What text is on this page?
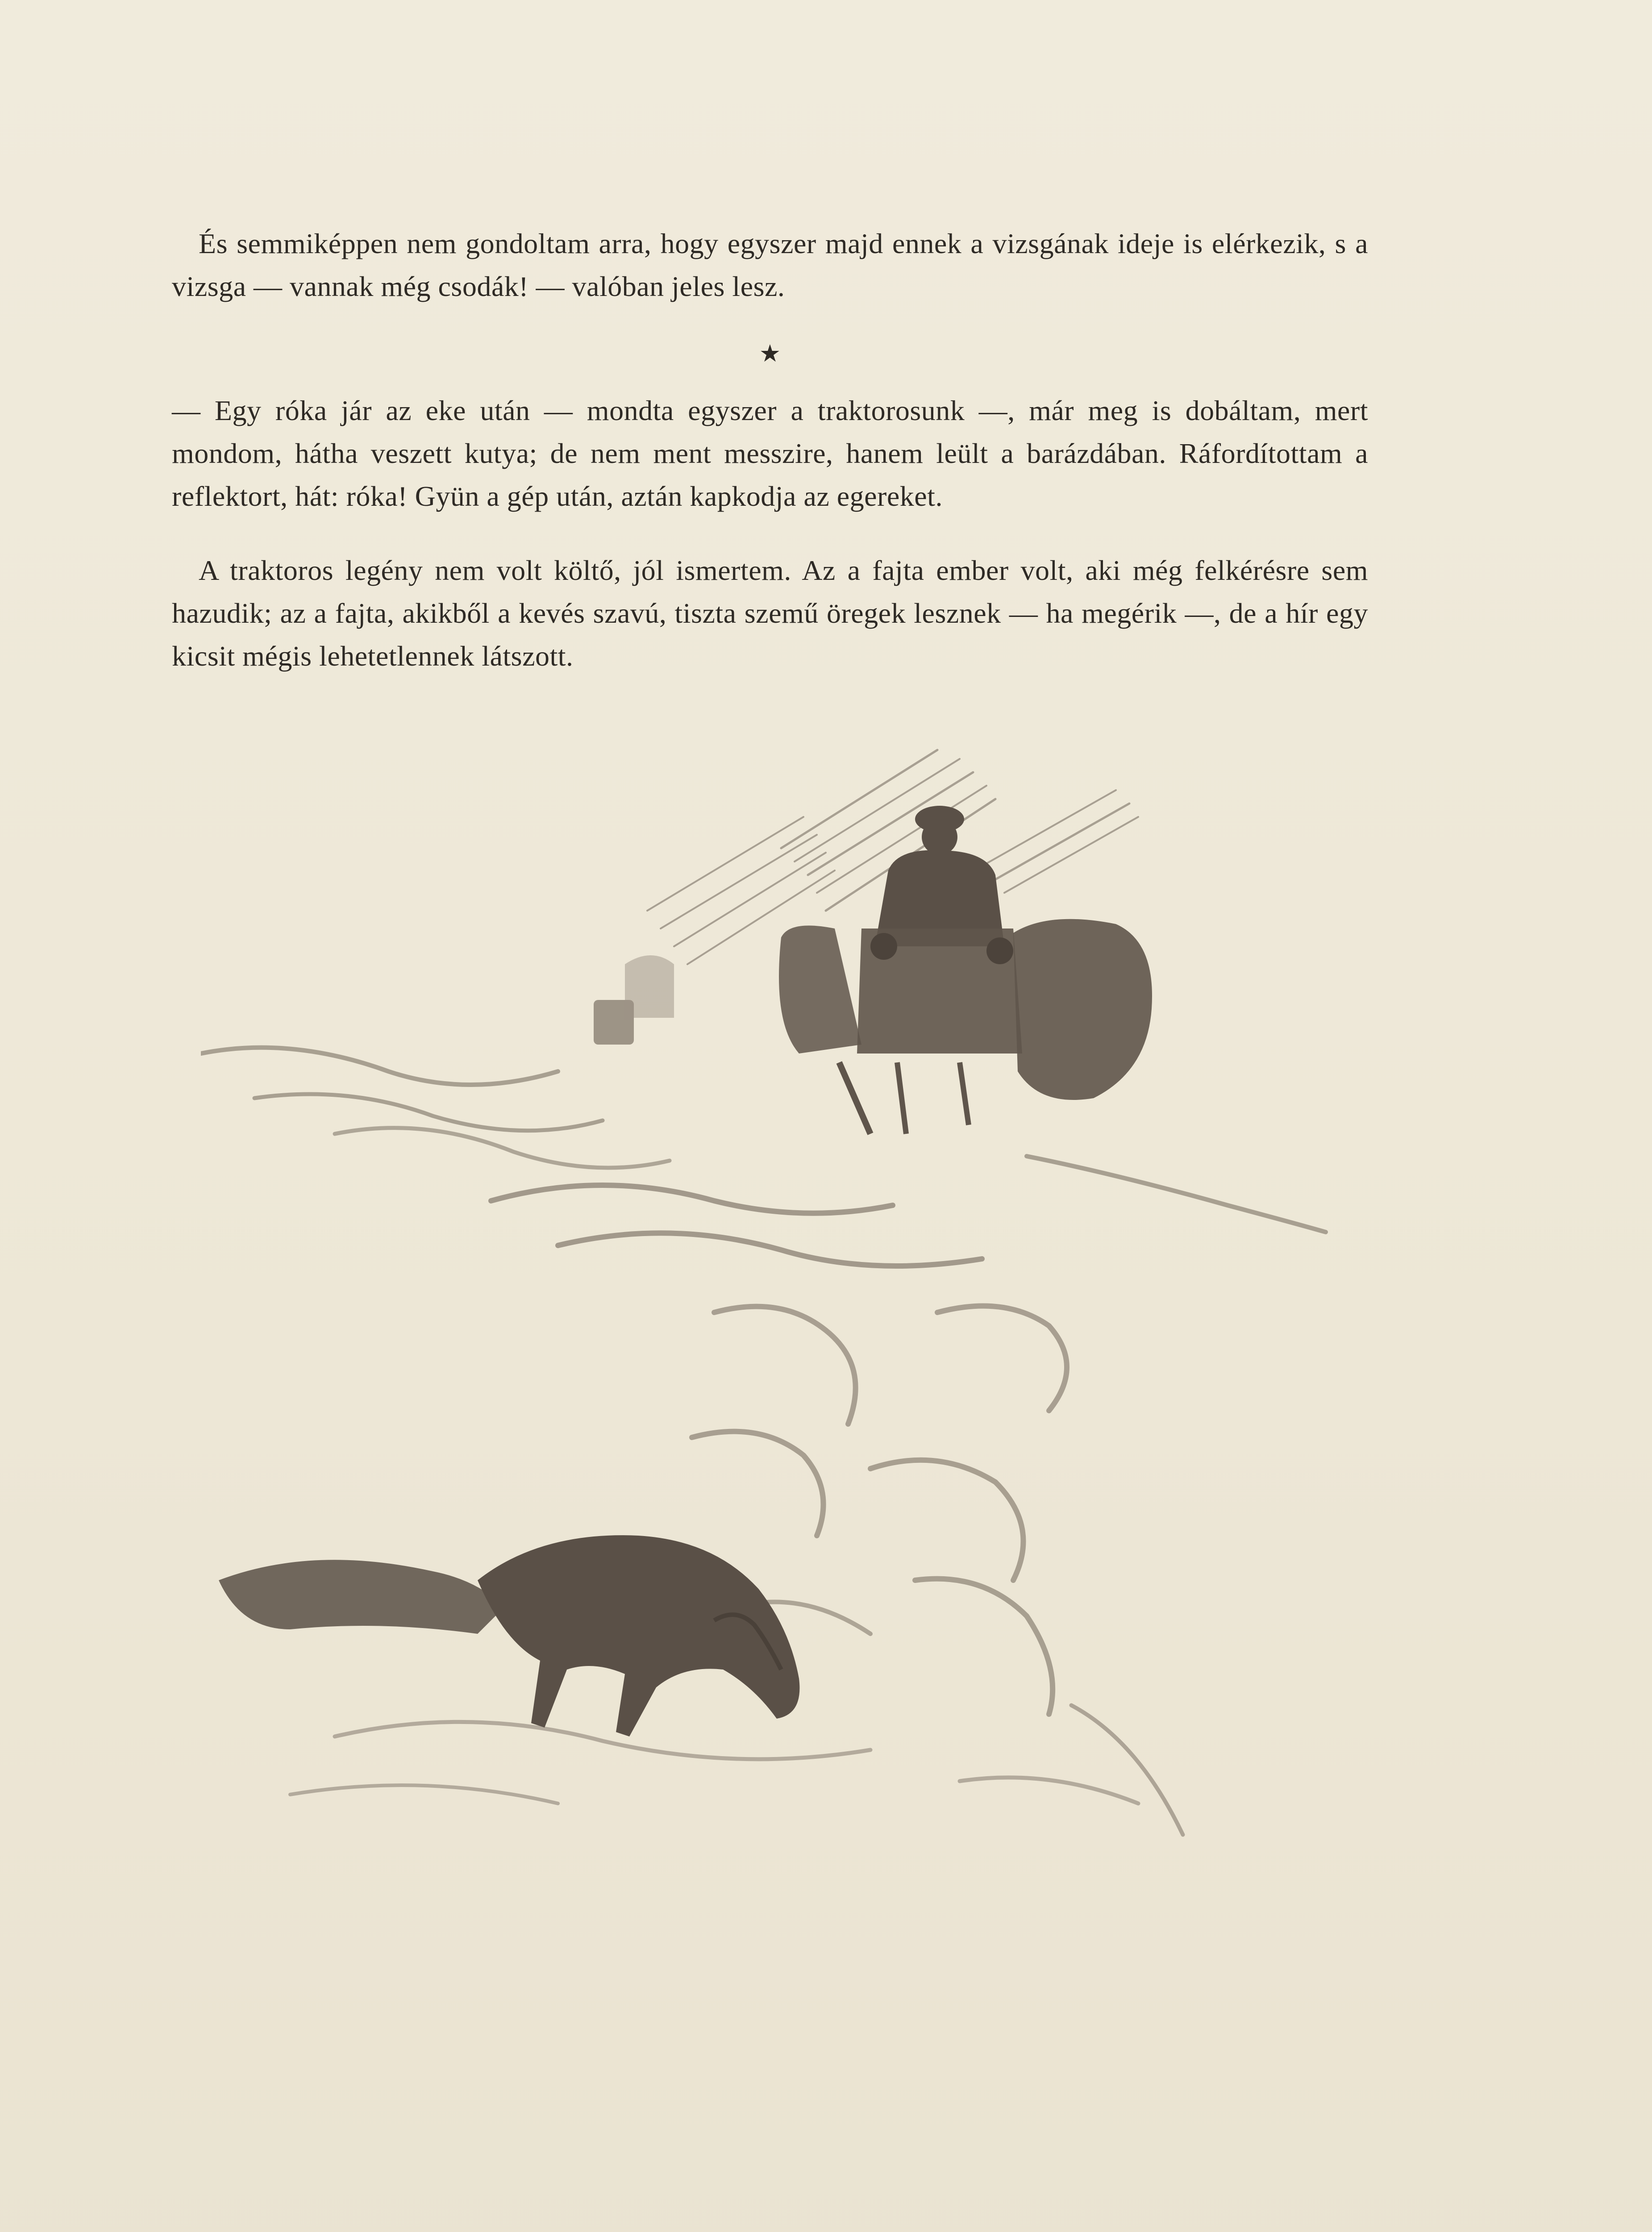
És semmiképpen nem gondoltam arra, hogy egyszer majd ennek a vizsgának ideje is elérkezik, s a vizsga — vannak még csodák! — valóban jeles lesz.

★

— Egy róka jár az eke után — mondta egyszer a traktorosunk —, már meg is dobáltam, mert mondom, hátha veszett kutya; de nem ment messzire, hanem leült a barázdában. Ráfordítottam a reflektort, hát: róka! Gyün a gép után, aztán kapkodja az egereket.

A traktoros legény nem volt költő, jól ismertem. Az a fajta ember volt, aki még felkérésre sem hazudik; az a fajta, akikből a kevés szavú, tiszta szemű öregek lesznek — ha megérik —, de a hír egy kicsit mégis lehetetlennek látszott.
